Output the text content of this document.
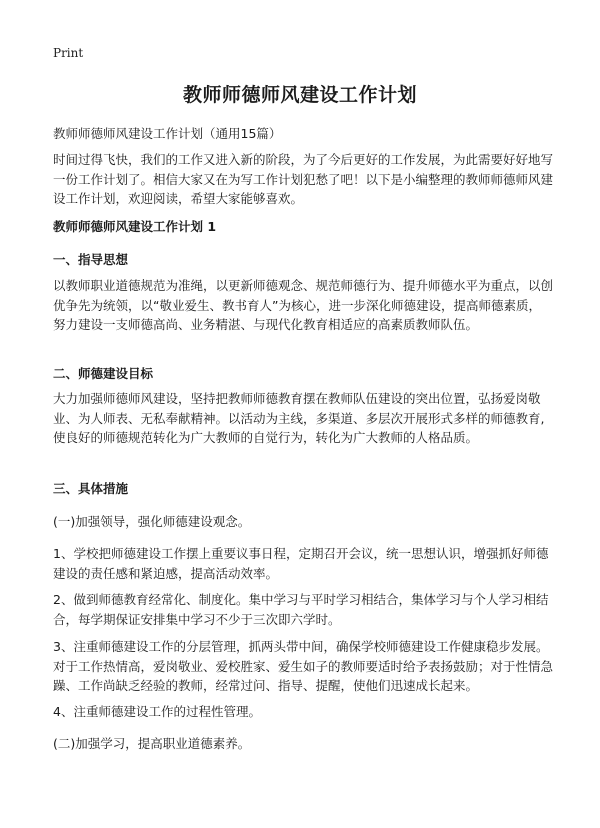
Print
教师师德师风建设工作计划
教师师德师风建设工作计划（通用15篇）
时间过得飞快，我们的工作又进入新的阶段，为了今后更好的工作发展，为此需要好好地写一份工作计划了。相信大家又在为写工作计划犯愁了吧！以下是小编整理的教师师德师风建设工作计划，欢迎阅读，希望大家能够喜欢。
教师师德师风建设工作计划 1
一、指导思想
以教师职业道德规范为准绳，以更新师德观念、规范师德行为、提升师德水平为重点，以创优争先为统领，以“敬业爱生、教书育人”为核心，进一步深化师德建设，提高师德素质，努力建设一支师德高尚、业务精湛、与现代化教育相适应的高素质教师队伍。
二、师德建设目标
大力加强师德师风建设，坚持把教师师德教育摆在教师队伍建设的突出位置，弘扬爱岗敬业、为人师表、无私奉献精神。以活动为主线，多渠道、多层次开展形式多样的师德教育,使良好的师德规范转化为广大教师的自觉行为，转化为广大教师的人格品质。
三、具体措施
(一)加强领导，强化师德建设观念。
1、学校把师德建设工作摆上重要议事日程，定期召开会议，统一思想认识，增强抓好师德建设的责任感和紧迫感，提高活动效率。
2、做到师德教育经常化、制度化。集中学习与平时学习相结合，集体学习与个人学习相结合，每学期保证安排集中学习不少于三次即六学时。
3、注重师德建设工作的分层管理，抓两头带中间，确保学校师德建设工作健康稳步发展。对于工作热情高，爱岗敬业、爱校胜家、爱生如子的教师要适时给予表扬鼓励；对于性情急躁、工作尚缺乏经验的教师，经常过问、指导、提醒，使他们迅速成长起来。
4、注重师德建设工作的过程性管理。
(二)加强学习，提高职业道德素养。
